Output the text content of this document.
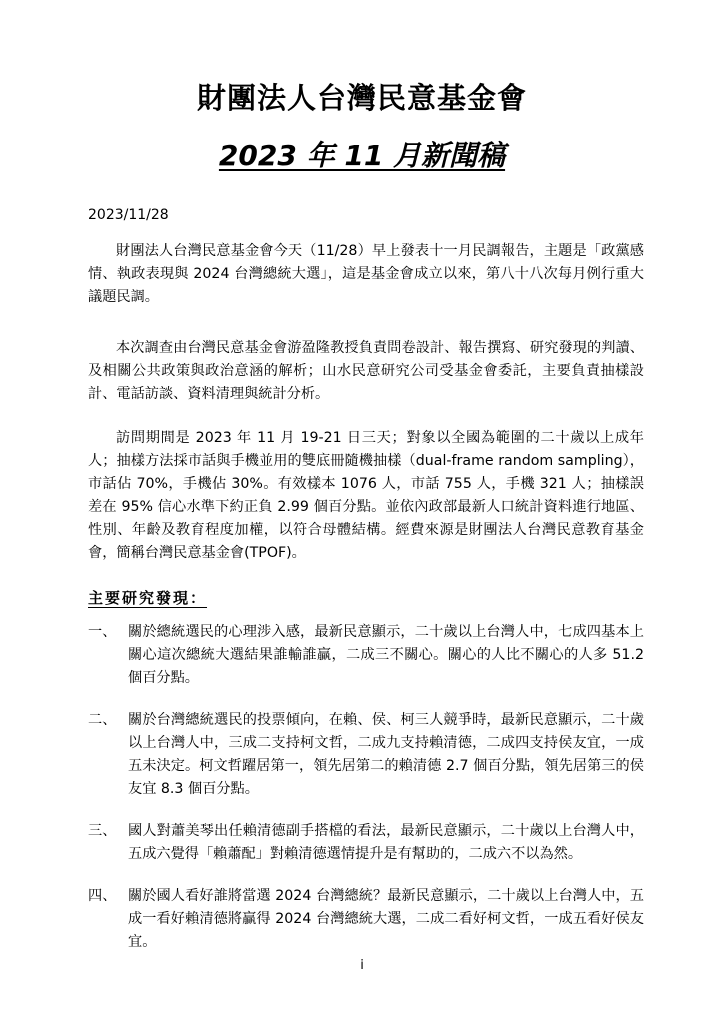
財團法人台灣民意基金會
2023 年 11 月新聞稿
2023/11/28

財團法人台灣民意基金會今天（11/28）早上發表十一月民調報告，主題是「政黨感情、執政表現與 2024 台灣總統大選」，這是基金會成立以來，第八十八次每月例行重大議題民調。

本次調查由台灣民意基金會游盈隆教授負責問卷設計、報告撰寫、研究發現的判讀、及相關公共政策與政治意涵的解析；山水民意研究公司受基金會委託，主要負責抽樣設計、電話訪談、資料清理與統計分析。

訪問期間是 2023 年 11 月 19-21 日三天；對象以全國為範圍的二十歲以上成年人；抽樣方法採市話與手機並用的雙底冊隨機抽樣（dual-frame random sampling），市話佔 70%，手機佔 30%。有效樣本 1076 人，市話 755 人，手機 321 人；抽樣誤差在 95% 信心水準下約正負 2.99 個百分點。並依內政部最新人口統計資料進行地區、性別、年齡及教育程度加權，以符合母體結構。經費來源是財團法人台灣民意教育基金會，簡稱台灣民意基金會(TPOF)。

主要研究發現：
一、 關於總統選民的心理涉入感，最新民意顯示，二十歲以上台灣人中，七成四基本上關心這次總統大選結果誰輸誰贏，二成三不關心。關心的人比不關心的人多 51.2 個百分點。
二、 關於台灣總統選民的投票傾向，在賴、侯、柯三人競爭時，最新民意顯示，二十歲以上台灣人中，三成二支持柯文哲，二成九支持賴清德，二成四支持侯友宜，一成五未決定。柯文哲躍居第一，領先居第二的賴清德 2.7 個百分點，領先居第三的侯友宜 8.3 個百分點。
三、 國人對蕭美琴出任賴清德副手搭檔的看法，最新民意顯示，二十歲以上台灣人中，五成六覺得「賴蕭配」對賴清德選情提升是有幫助的，二成六不以為然。
四、 關於國人看好誰將當選 2024 台灣總統？最新民意顯示，二十歲以上台灣人中，五成一看好賴清德將贏得 2024 台灣總統大選，二成二看好柯文哲，一成五看好侯友宜。
i
